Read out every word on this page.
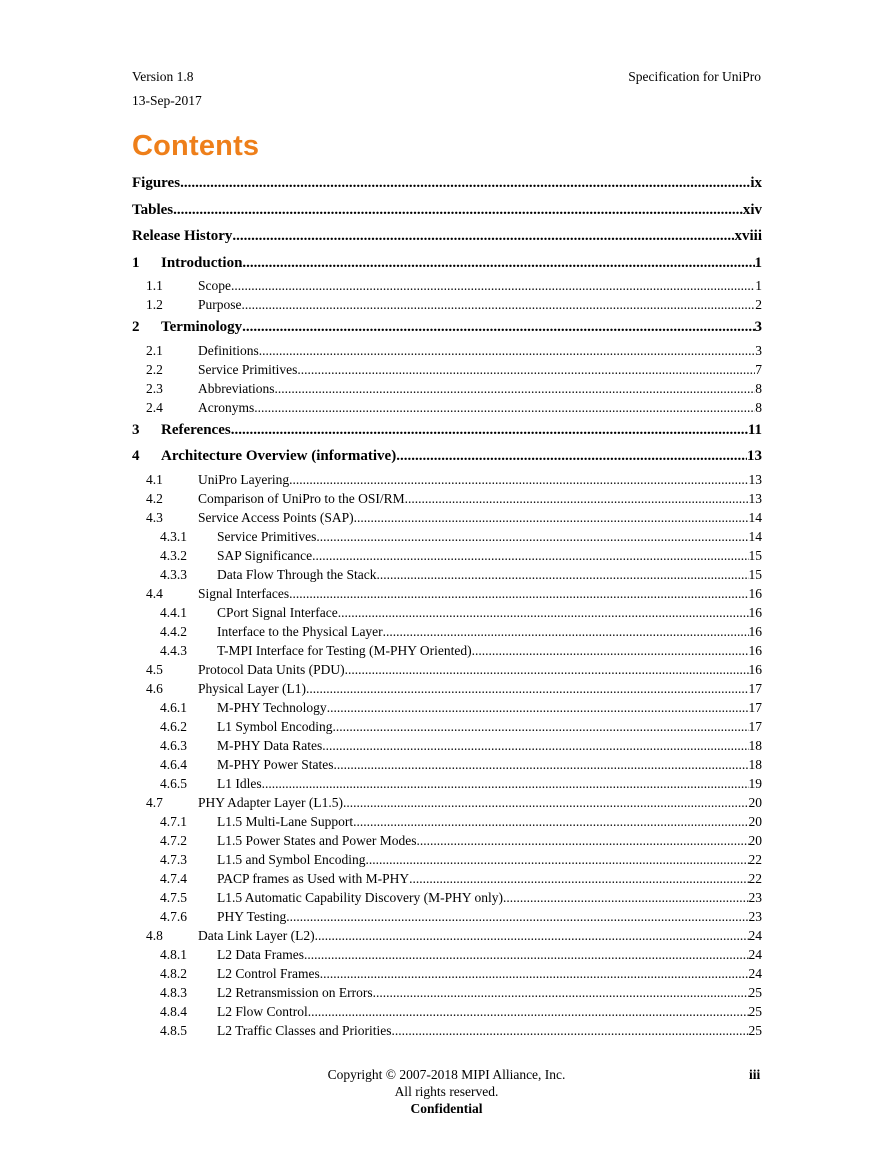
Version 1.8
13-Sep-2017
Specification for UniPro
Contents
Figures .....	ix
Tables .....	xiv
Release History .....	xviii
1	Introduction .....	1
1.1	Scope .....	1
1.2	Purpose .....	2
2	Terminology .....	3
2.1	Definitions .....	3
2.2	Service Primitives .....	7
2.3	Abbreviations .....	8
2.4	Acronyms .....	8
3	References .....	11
4	Architecture Overview (informative) .....	13
4.1	UniPro Layering .....	13
4.2	Comparison of UniPro to the OSI/RM .....	13
4.3	Service Access Points (SAP) .....	14
4.3.1	Service Primitives .....	14
4.3.2	SAP Significance .....	15
4.3.3	Data Flow Through the Stack .....	15
4.4	Signal Interfaces .....	16
4.4.1	CPort Signal Interface .....	16
4.4.2	Interface to the Physical Layer .....	16
4.4.3	T-MPI Interface for Testing (M-PHY Oriented) .....	16
4.5	Protocol Data Units (PDU) .....	16
4.6	Physical Layer (L1) .....	17
4.6.1	M-PHY Technology .....	17
4.6.2	L1 Symbol Encoding .....	17
4.6.3	M-PHY Data Rates .....	18
4.6.4	M-PHY Power States .....	18
4.6.5	L1 Idles .....	19
4.7	PHY Adapter Layer (L1.5) .....	20
4.7.1	L1.5 Multi-Lane Support .....	20
4.7.2	L1.5 Power States and Power Modes .....	20
4.7.3	L1.5 and Symbol Encoding .....	22
4.7.4	PACP frames as Used with M-PHY .....	22
4.7.5	L1.5 Automatic Capability Discovery (M-PHY only) .....	23
4.7.6	PHY Testing .....	23
4.8	Data Link Layer (L2) .....	24
4.8.1	L2 Data Frames .....	24
4.8.2	L2 Control Frames .....	24
4.8.3	L2 Retransmission on Errors .....	25
4.8.4	L2 Flow Control .....	25
4.8.5	L2 Traffic Classes and Priorities .....	25
Copyright © 2007-2018 MIPI Alliance, Inc.
All rights reserved.
Confidential
iii
